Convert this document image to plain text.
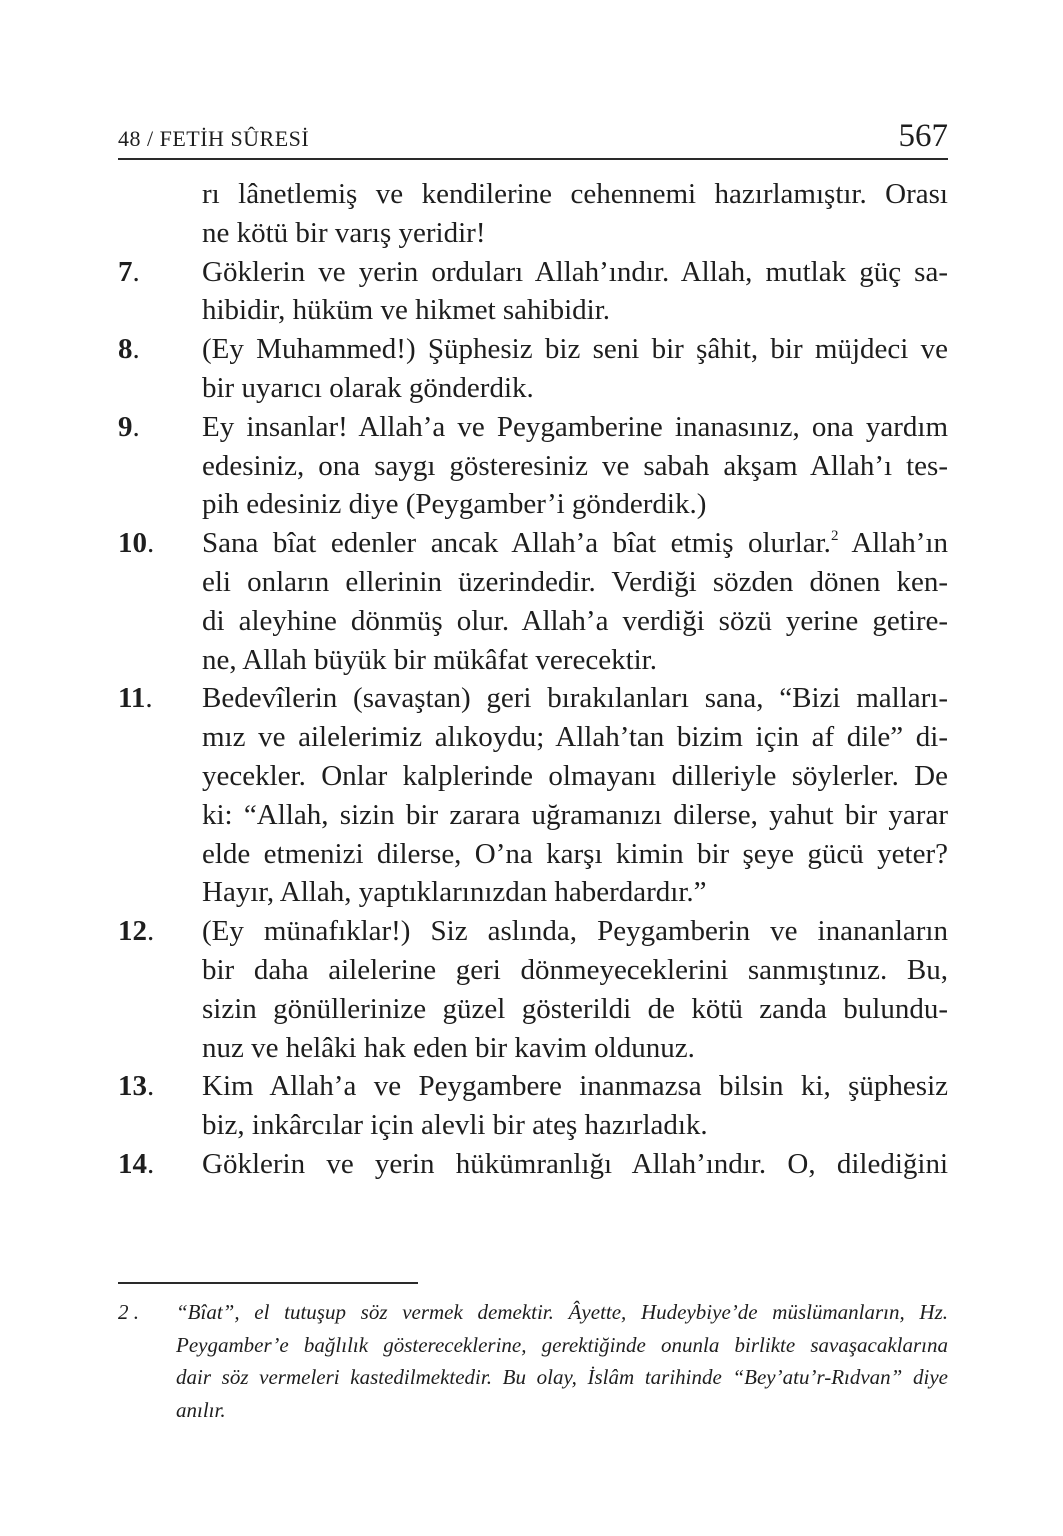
48 / FETİH SÛRESİ	567
rı lânetlemiş ve kendilerine cehennemi hazırlamıştır. Orası
ne kötü bir varış yeridir!
7. Göklerin ve yerin orduları Allah’ındır. Allah, mutlak güç sa-
hibidir, hüküm ve hikmet sahibidir.
8. (Ey Muhammed!) Şüphesiz biz seni bir şâhit, bir müjdeci ve
bir uyarıcı olarak gönderdik.
9. Ey insanlar! Allah’a ve Peygamberine inanasınız, ona yardım
edesiniz, ona saygı gösteresiniz ve sabah akşam Allah’ı tes-
pih edesiniz diye (Peygamber’i gönderdik.)
10. Sana bîat edenler ancak Allah’a bîat etmiş olurlar.$^2$ Allah’ın
eli onların ellerinin üzerindedir. Verdiği sözden dönen ken-
di aleyhine dönmüş olur. Allah’a verdiği sözü yerine getire-
ne, Allah büyük bir mükâfat verecektir.
11. Bedevîlerin (savaştan) geri bırakılanları sana, “Bizi malları-
mız ve ailelerimiz alıkoydu; Allah’tan bizim için af dile” di-
yecekler. Onlar kalplerinde olmayanı dilleriyle söylerler. De
ki: “Allah, sizin bir zarara uğramanızı dilerse, yahut bir yarar
elde etmenizi dilerse, O’na karşı kimin bir şeye gücü yeter?
Hayır, Allah, yaptıklarınızdan haberdardır.”
12. (Ey münafıklar!) Siz aslında, Peygamberin ve inananların
bir daha ailelerine geri dönmeyeceklerini sanmıştınız. Bu,
sizin gönüllerinize güzel gösterildi de kötü zanda bulundu-
nuz ve helâki hak eden bir kavim oldunuz.
13. Kim Allah’a ve Peygambere inanmazsa bilsin ki, şüphesiz
biz, inkârcılar için alevli bir ateş hazırladık.
14. Göklerin ve yerin hükümranlığı Allah’ındır. O, dilediğini
2 . “Bîat”, el tutuşup söz vermek demektir. Âyette, Hudeybiye’de müslümanların, Hz.
Peygamber’e bağlılık göstereceklerine, gerektiğinde onunla birlikte savaşacaklarına
dair söz vermeleri kastedilmektedir. Bu olay, İslâm tarihinde “Bey’atu’r-Rıdvan” diye
anılır.
